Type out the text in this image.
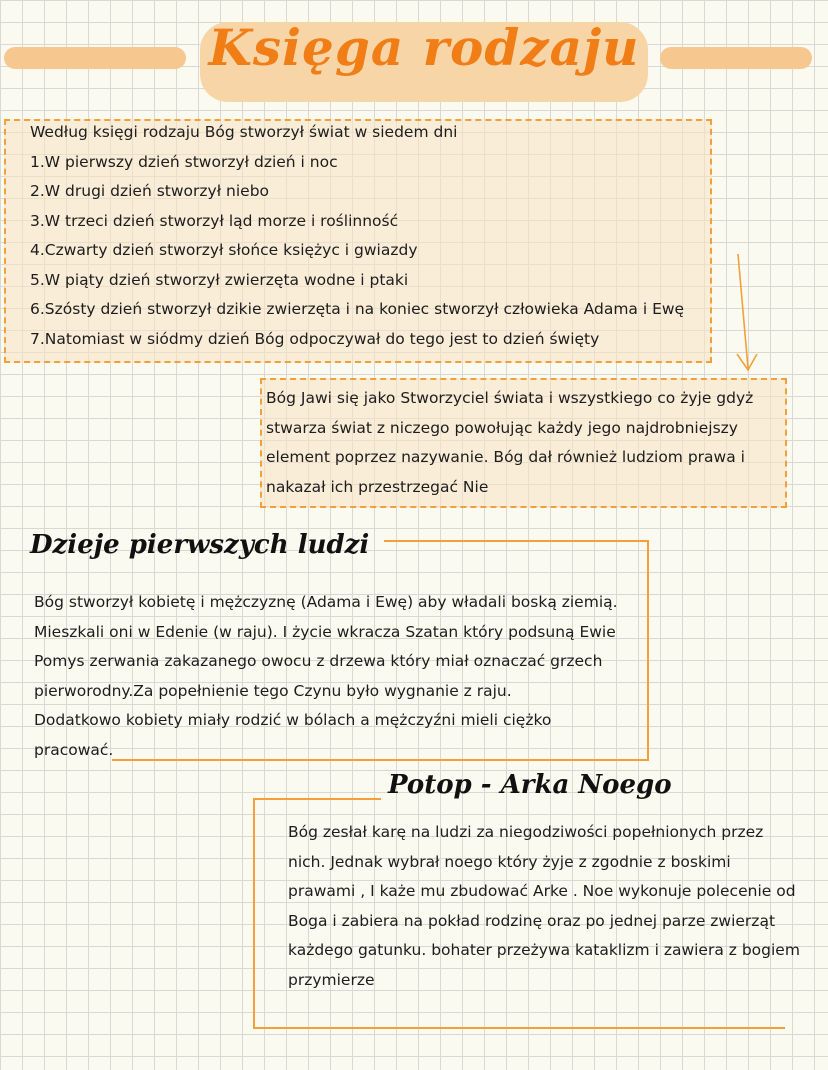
Księga rodzaju
Według księgi rodzaju Bóg stworzył świat w siedem dni
1.W pierwszy dzień stworzył dzień i noc
2.W drugi dzień stworzył niebo
3.W trzeci dzień stworzył ląd morze i roślinność
4.Czwarty dzień stworzył słońce księżyc i gwiazdy
5.W piąty dzień stworzył zwierzęta wodne i ptaki
6.Szósty dzień stworzył dzikie zwierzęta i na koniec stworzył człowieka Adama i Ewę
7.Natomiast w siódmy dzień Bóg odpoczywał do tego jest to dzień święty
Bóg Jawi się jako Stworzyciel świata i wszystkiego co żyje gdyż
stwarza świat z niczego powołując każdy jego najdrobniejszy
element poprzez nazywanie. Bóg dał również ludziom prawa i
nakazał ich przestrzegać Nie
Dzieje pierwszych ludzi
Bóg stworzył kobietę i mężczyznę (Adama i Ewę) aby władali boską ziemią.
Mieszkali oni w Edenie (w raju). I życie wkracza Szatan który podsuną Ewie
Pomys zerwania zakazanego owocu z drzewa który miał oznaczać grzech
pierworodny.Za popełnienie tego Czynu było wygnanie z raju.
Dodatkowo kobiety miały rodzić w bólach a mężczyźni mieli ciężko
pracować.
Potop - Arka Noego
Bóg zesłał karę na ludzi za niegodziwości popełnionych przez
nich. Jednak wybrał noego który żyje z zgodnie z boskimi
prawami , I każe mu zbudować Arke . Noe wykonuje polecenie od
Boga i zabiera na pokład rodzinę oraz po jednej parze zwierząt
każdego gatunku. bohater przeżywa kataklizm i zawiera z bogiem
przymierze
